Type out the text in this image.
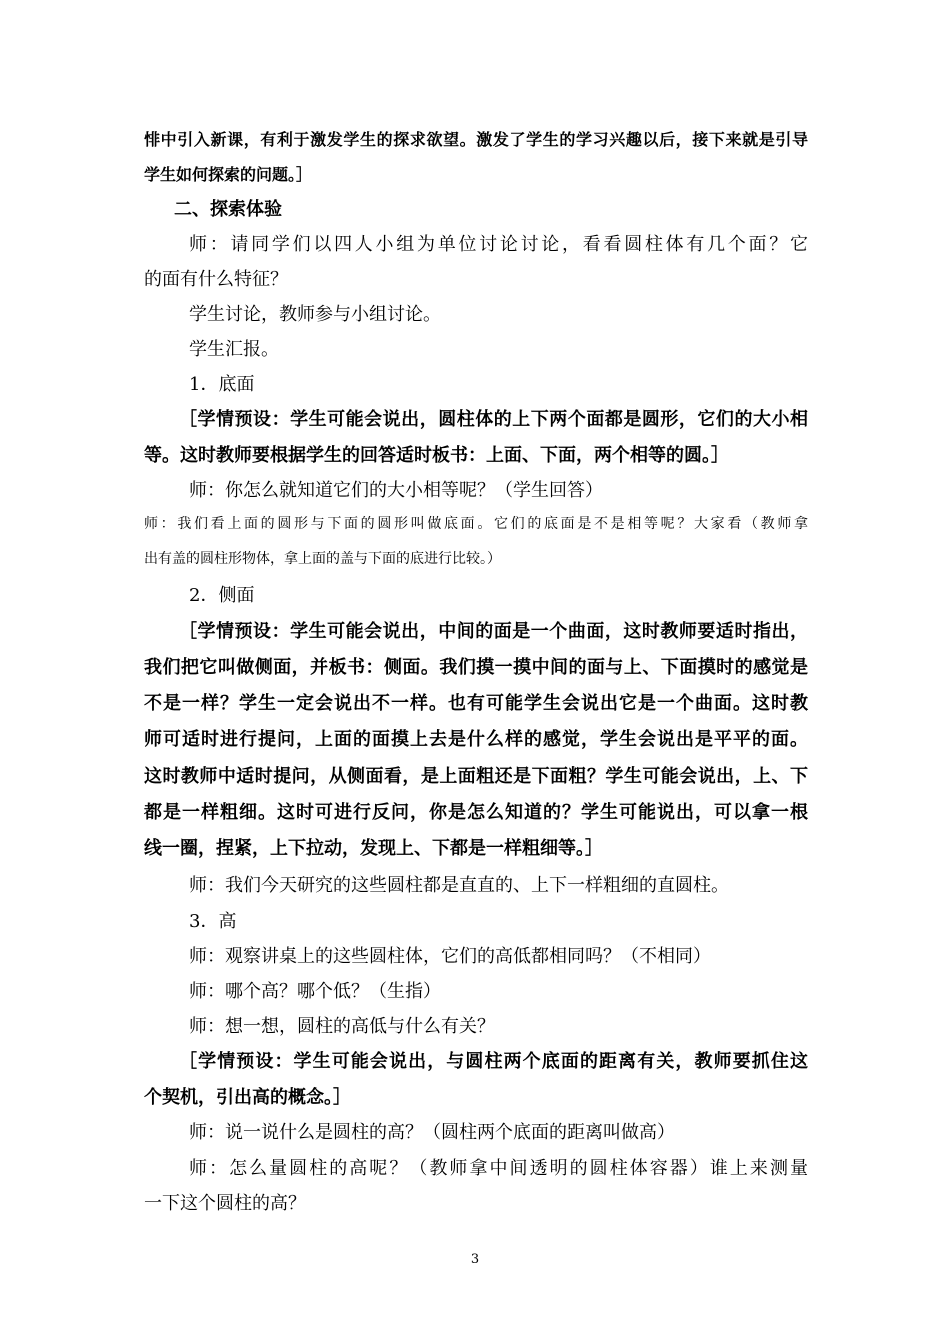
悱中引入新课，有利于激发学生的探求欲望。激发了学生的学习兴趣以后，接下来就是引导
学生如何探索的问题。］
二、探索体验
师：请同学们以四人小组为单位讨论讨论，看看圆柱体有几个面？它
的面有什么特征？
学生讨论，教师参与小组讨论。
学生汇报。
1．底面
［学情预设：学生可能会说出，圆柱体的上下两个面都是圆形，它们的大小相
等。这时教师要根据学生的回答适时板书：上面、下面，两个相等的圆。］
师：你怎么就知道它们的大小相等呢？（学生回答）
师：我们看上面的圆形与下面的圆形叫做底面。它们的底面是不是相等呢？大家看（教师拿
出有盖的圆柱形物体，拿上面的盖与下面的底进行比较。）
2．侧面
［学情预设：学生可能会说出，中间的面是一个曲面，这时教师要适时指出，
我们把它叫做侧面，并板书：侧面。我们摸一摸中间的面与上、下面摸时的感觉是
不是一样？学生一定会说出不一样。也有可能学生会说出它是一个曲面。这时教
师可适时进行提问，上面的面摸上去是什么样的感觉，学生会说出是平平的面。
这时教师中适时提问，从侧面看，是上面粗还是下面粗？学生可能会说出，上、下
都是一样粗细。这时可进行反问，你是怎么知道的？学生可能说出，可以拿一根
线一圈，捏紧，上下拉动，发现上、下都是一样粗细等。］
师：我们今天研究的这些圆柱都是直直的、上下一样粗细的直圆柱。
3．高
师：观察讲桌上的这些圆柱体，它们的高低都相同吗？（不相同）
师：哪个高？哪个低？（生指）
师：想一想，圆柱的高低与什么有关？
［学情预设：学生可能会说出，与圆柱两个底面的距离有关，教师要抓住这
个契机，引出高的概念。］
师：说一说什么是圆柱的高？（圆柱两个底面的距离叫做高）
师：怎么量圆柱的高呢？（教师拿中间透明的圆柱体容器）谁上来测量
一下这个圆柱的高？
3
